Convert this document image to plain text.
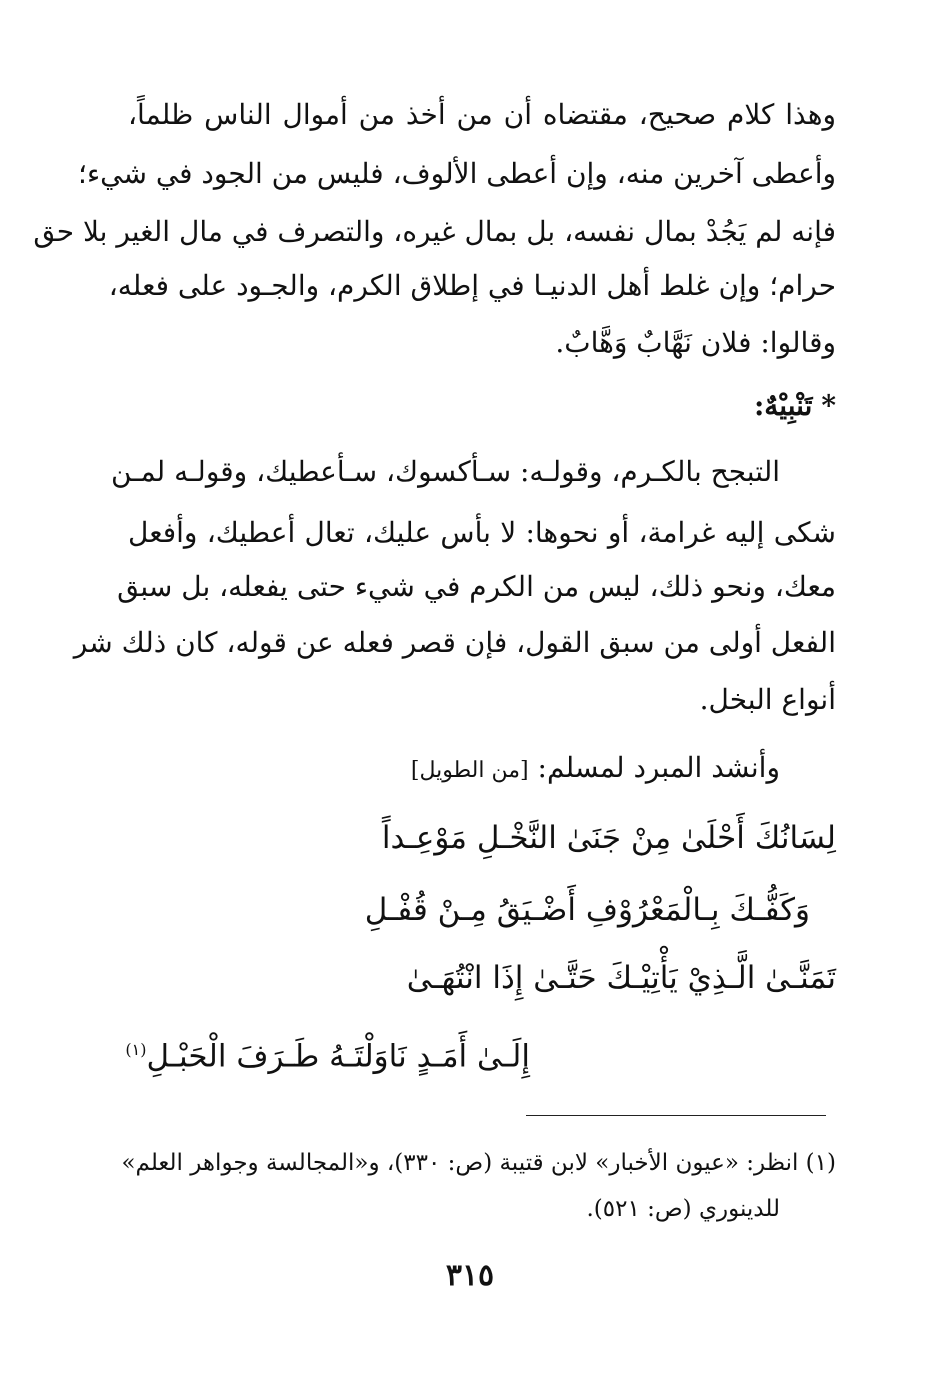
وهذا كلام صحيح، مقتضاه أن من أخذ من أموال الناس ظلماً،
وأعطى آخرين منه، وإن أعطى الألوف، فليس من الجود في شيء؛
فإنه لم يَجُدْ بمال نفسه، بل بمال غيره، والتصرف في مال الغير بلا حق
حرام؛ وإن غلط أهل الدنيـا في إطلاق الكرم، والجـود على فعله،
وقالوا: فلان نَهَّابٌ وَهَّابٌ.
* تَنْبِيْهٌ:
التبجح بالكـرم، وقولـه: سـأكسوك، سـأعطيك، وقولـه لمـن
شكى إليه غرامة، أو نحوها: لا بأس عليك، تعال أعطيك، وأفعل
معك، ونحو ذلك، ليس من الكرم في شيء حتى يفعله، بل سبق
الفعل أولى من سبق القول، فإن قصر فعله عن قوله، كان ذلك شر
أنواع البخل.
وأنشد المبرد لمسلم: [من الطويل]
لِسَانُكَ أَحْلَىٰ مِنْ جَنَىٰ النَّخْـلِ مَوْعِـداً
وَكَفُّـكَ بِـالْمَعْرُوْفِ أَضْـيَقُ مِـنْ قُفْـلِ
تَمَنَّـىٰ الَّـذِيْ يَأْتِيْـكَ حَتَّـىٰ إِذَا انْتُهَـىٰ
إِلَـىٰ أَمَـدٍ نَاوَلْتَـهُ طَـرَفَ الْحَبْـلِ$^{(١)}$
(١) انظر: «عيون الأخبار» لابن قتيبة (ص: ٣٣٠)، و«المجالسة وجواهر العلم»
للدينوري (ص: ٥٢١).
٣١٥
